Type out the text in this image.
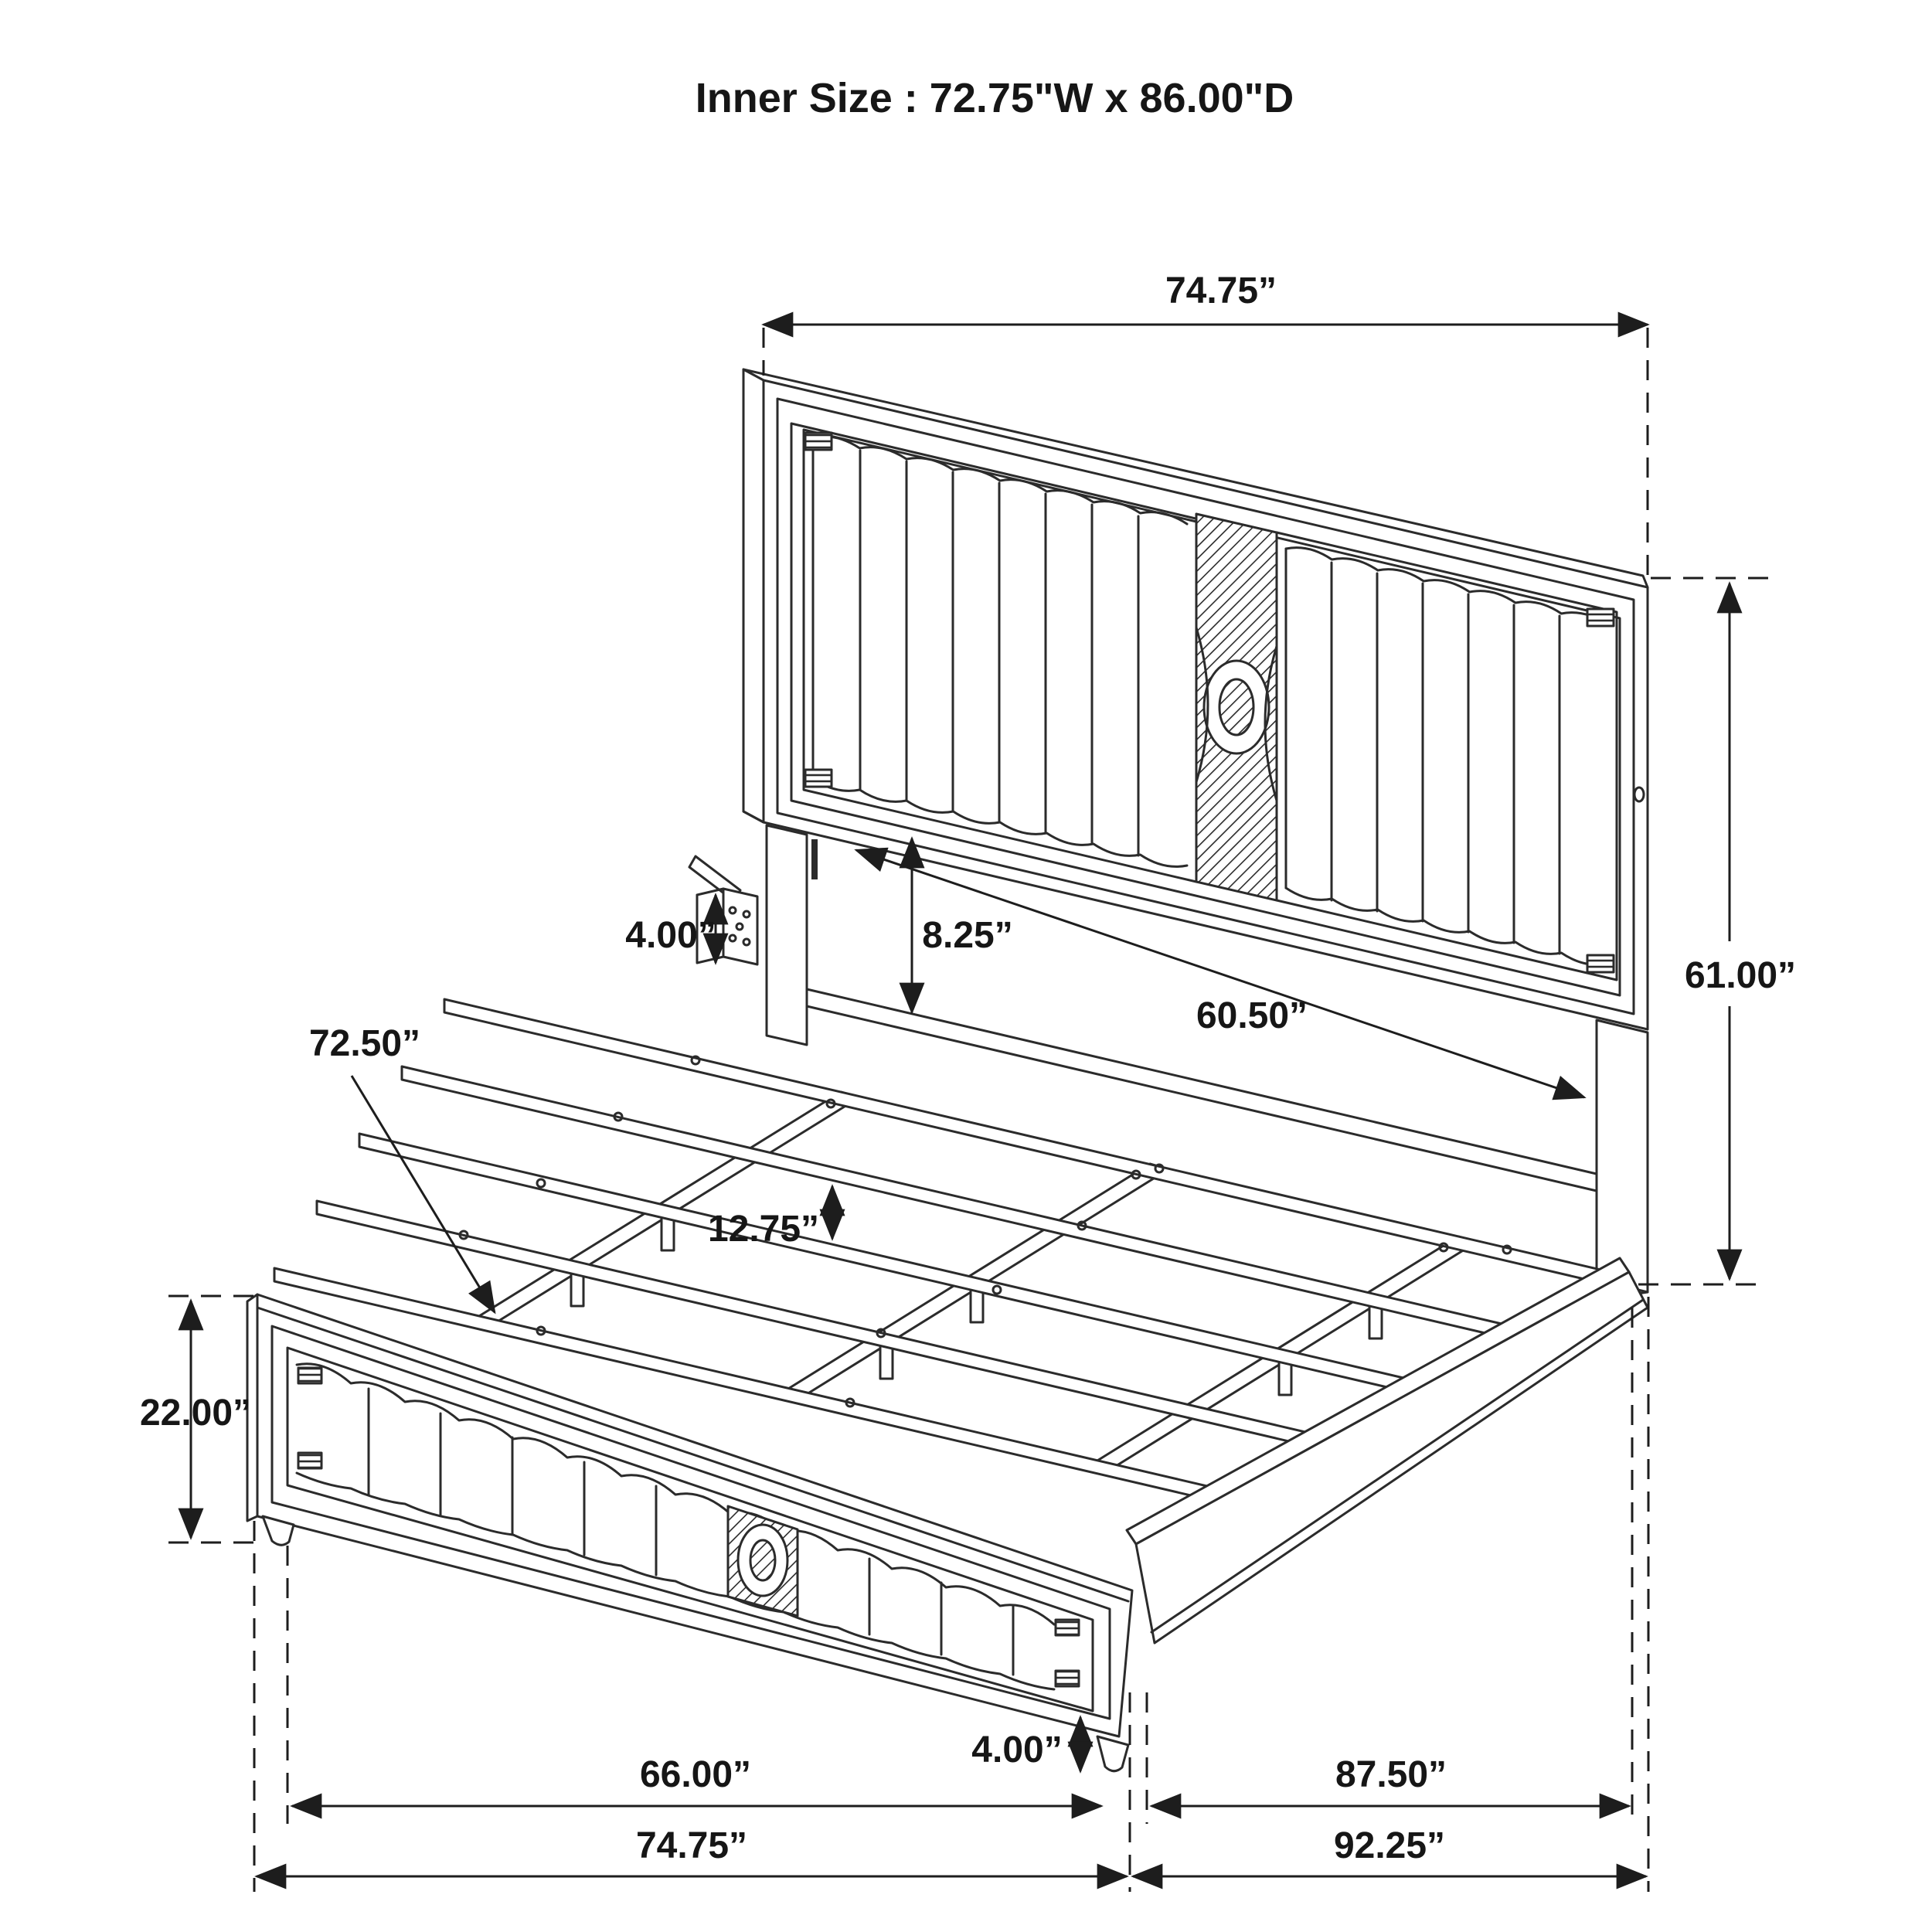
Inner Size : 72.75"W x 86.00"D
74.75”
61.00”
4.00”	8.25”
60.50”
72.50”
12.75”
22.00”
4.00”
66.00”	87.50”
74.75”	92.25”
